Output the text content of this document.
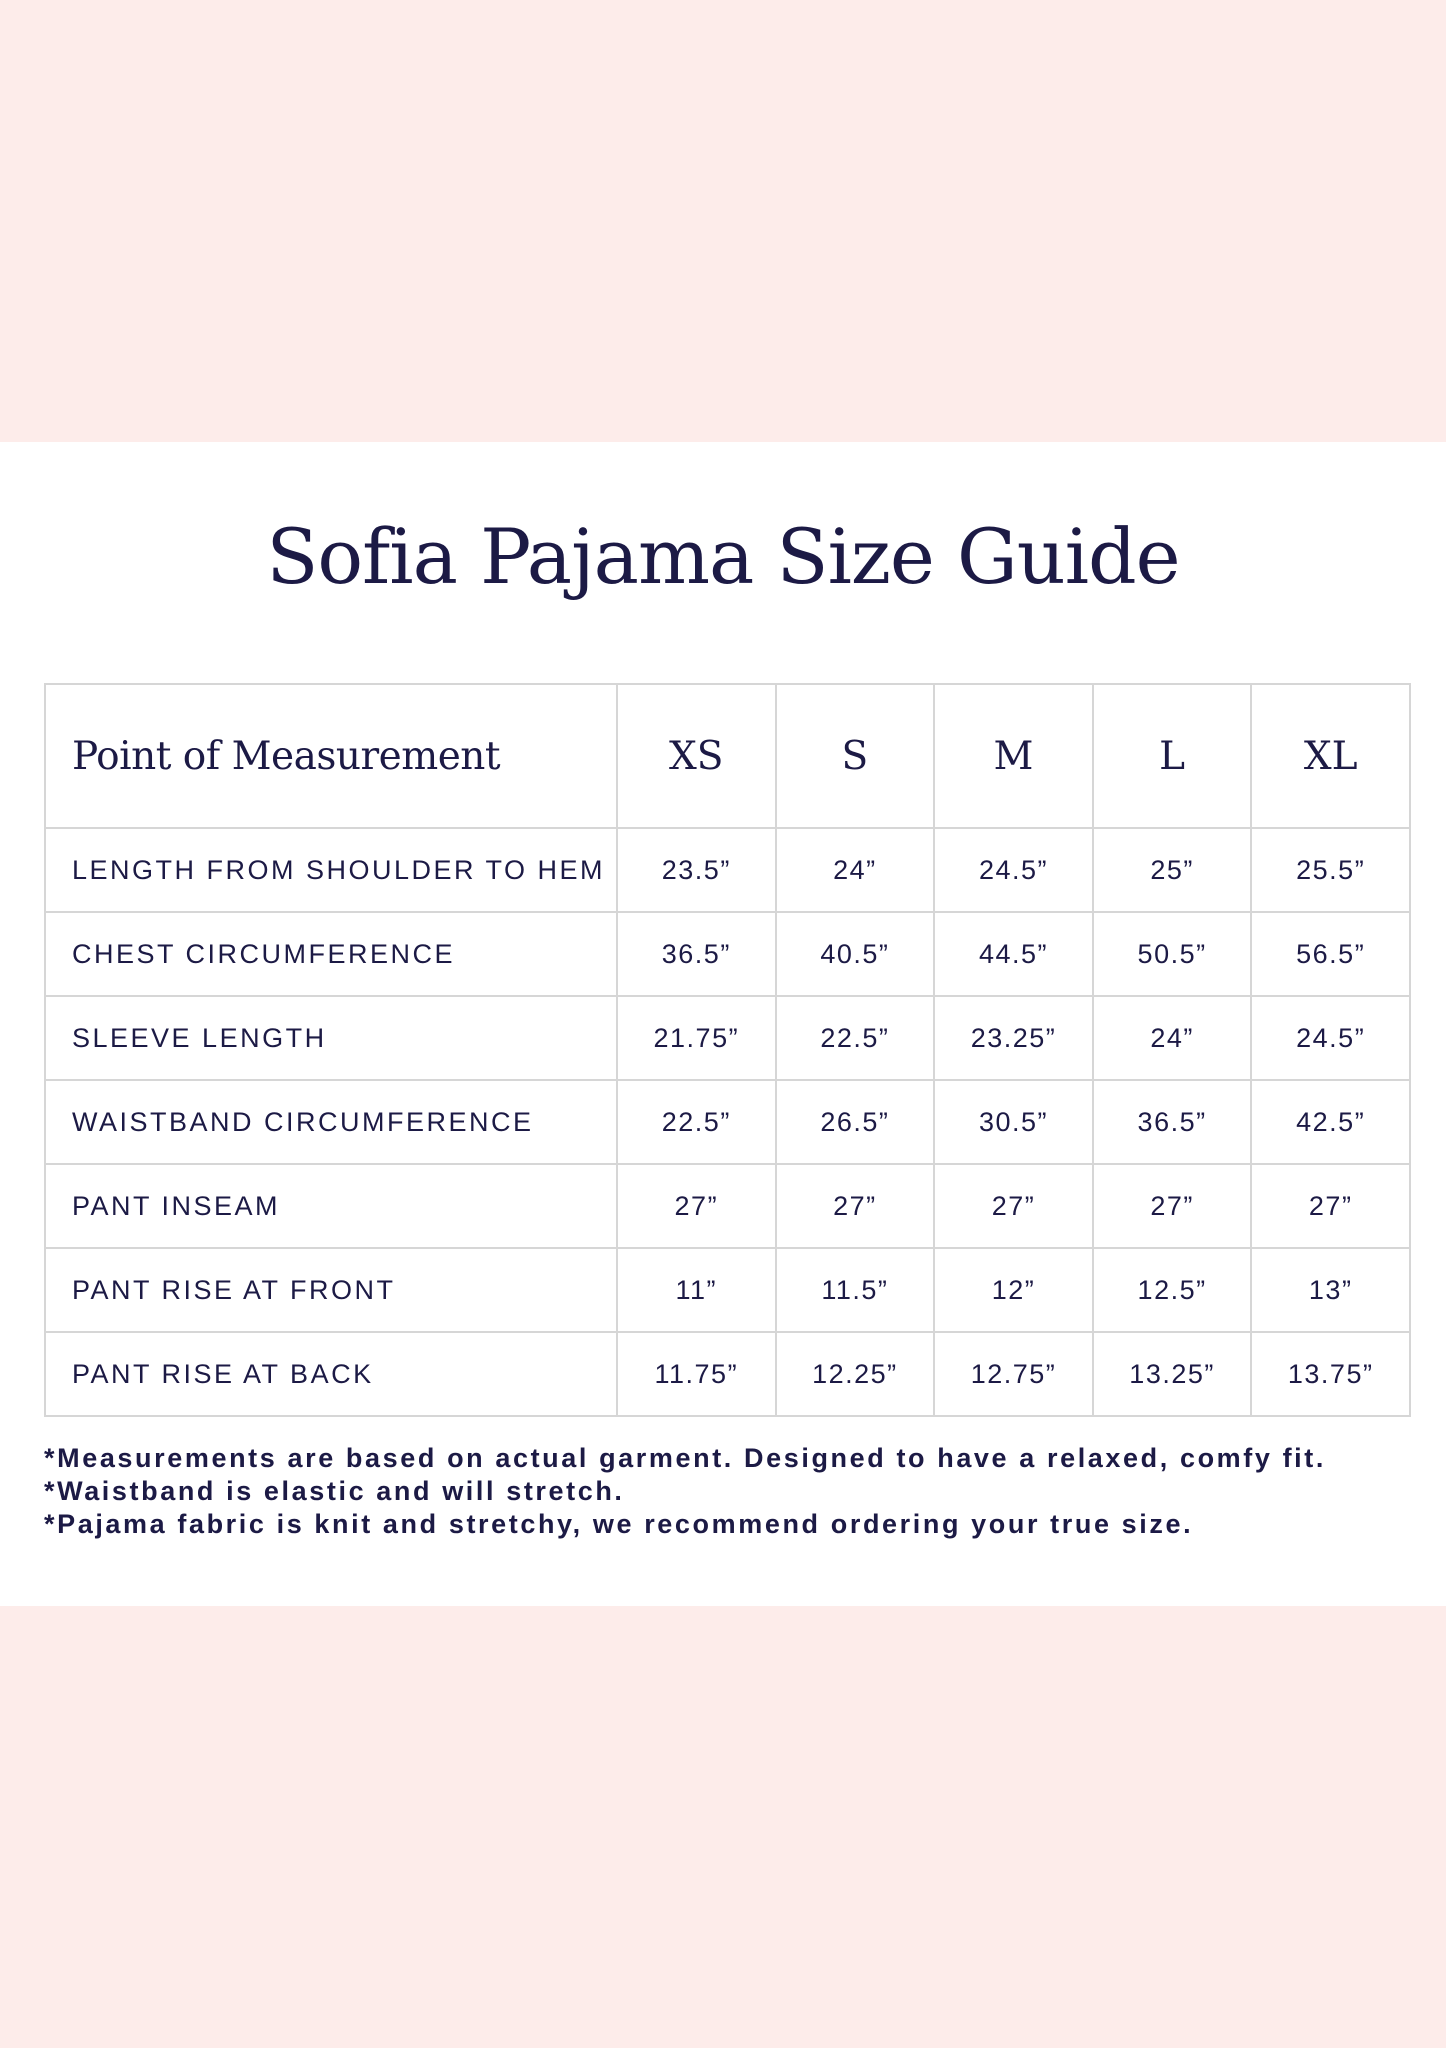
Sofia Pajama Size Guide
Point of Measurement	XS	S	M	L	XL
LENGTH FROM SHOULDER TO HEM	23.5”	24”	24.5”	25”	25.5”
CHEST CIRCUMFERENCE	36.5”	40.5”	44.5”	50.5”	56.5”
SLEEVE LENGTH	21.75”	22.5”	23.25”	24”	24.5”
WAISTBAND CIRCUMFERENCE	22.5”	26.5”	30.5”	36.5”	42.5”
PANT INSEAM	27”	27”	27”	27”	27”
PANT RISE AT FRONT	11”	11.5”	12”	12.5”	13”
PANT RISE AT BACK	11.75”	12.25”	12.75”	13.25”	13.75”
*Measurements are based on actual garment. Designed to have a relaxed, comfy fit.
*Waistband is elastic and will stretch.
*Pajama fabric is knit and stretchy, we recommend ordering your true size.
